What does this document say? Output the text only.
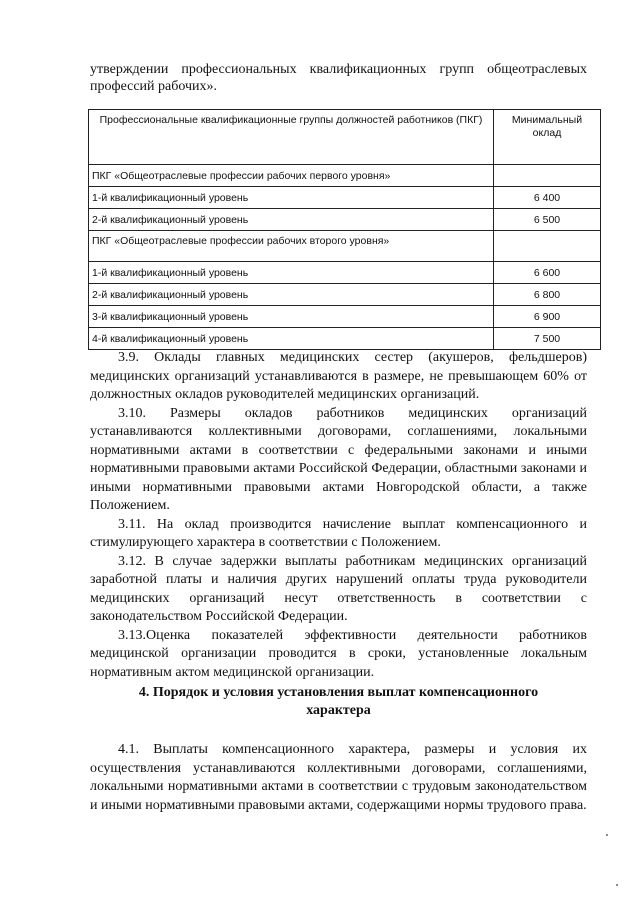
утверждении профессиональных квалификационных групп общеотраслевых
профессий рабочих».

Профессиональные квалификационные группы должностей работников (ПКГ)	Минимальный оклад
ПКГ «Общеотраслевые профессии рабочих первого уровня»	
1-й квалификационный уровень	6 400
2-й квалификационный уровень	6 500
ПКГ «Общеотраслевые профессии рабочих второго уровня»	
1-й квалификационный уровень	6 600
2-й квалификационный уровень	6 800
3-й квалификационный уровень	6 900
4-й квалификационный уровень	7 500

3.9. Оклады главных медицинских сестер (акушеров, фельдшеров) медицинских организаций устанавливаются в размере, не превышающем 60% от должностных окладов руководителей медицинских организаций.

3.10. Размеры окладов работников медицинских организаций устанавливаются коллективными договорами, соглашениями, локальными нормативными актами в соответствии с федеральными законами и иными нормативными правовыми актами Российской Федерации, областными законами и иными нормативными правовыми актами Новгородской области, а также Положением.

3.11. На оклад производится начисление выплат компенсационного и стимулирующего характера в соответствии с Положением.

3.12. В случае задержки выплаты работникам медицинских организаций заработной платы и наличия других нарушений оплаты труда руководители медицинских организаций несут ответственность в соответствии с законодательством Российской Федерации.

3.13.Оценка показателей эффективности деятельности работников медицинской организации проводится в сроки, установленные локальным нормативным актом медицинской организации.

4. Порядок и условия установления выплат компенсационного
характера

4.1. Выплаты компенсационного характера, размеры и условия их осуществления устанавливаются коллективными договорами, соглашениями, локальными нормативными актами в соответствии с трудовым законодательством и иными нормативными правовыми актами, содержащими нормы трудового права.
